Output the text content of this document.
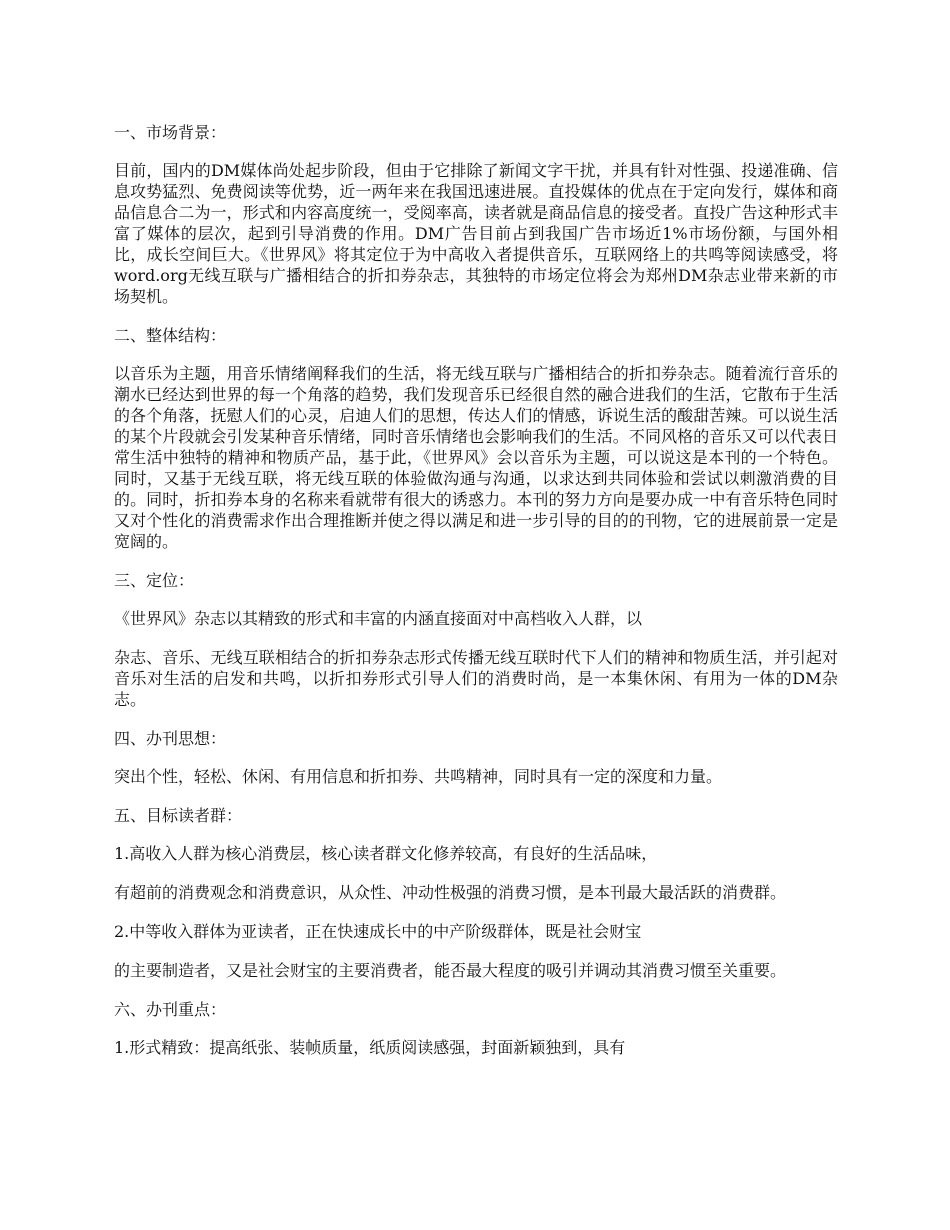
一、市场背景：

目前，国内的DM媒体尚处起步阶段，但由于它排除了新闻文字干扰，并具有针对性强、投递准确、信息攻势猛烈、免费阅读等优势，近一两年来在我国迅速进展。直投媒体的优点在于定向发行，媒体和商品信息合二为一，形式和内容高度统一，受阅率高，读者就是商品信息的接受者。直投广告这种形式丰富了媒体的层次，起到引导消费的作用。DM广告目前占到我国广告市场近1%市场份额，与国外相比，成长空间巨大。《世界风》将其定位于为中高收入者提供音乐，互联网络上的共鸣等阅读感受，将word.org无线互联与广播相结合的折扣券杂志，其独特的市场定位将会为郑州DM杂志业带来新的市场契机。

二、整体结构：

以音乐为主题，用音乐情绪阐释我们的生活，将无线互联与广播相结合的折扣券杂志。随着流行音乐的潮水已经达到世界的每一个角落的趋势，我们发现音乐已经很自然的融合进我们的生活，它散布于生活的各个角落，抚慰人们的心灵，启迪人们的思想，传达人们的情感，诉说生活的酸甜苦辣。可以说生活的某个片段就会引发某种音乐情绪，同时音乐情绪也会影响我们的生活。不同风格的音乐又可以代表日常生活中独特的精神和物质产品，基于此，《世界风》会以音乐为主题，可以说这是本刊的一个特色。同时，又基于无线互联，将无线互联的体验做沟通与沟通，以求达到共同体验和尝试以刺激消费的目的。同时，折扣券本身的名称来看就带有很大的诱惑力。本刊的努力方向是要办成一中有音乐特色同时又对个性化的消费需求作出合理推断并使之得以满足和进一步引导的目的的刊物，它的进展前景一定是宽阔的。

三、定位：

《世界风》杂志以其精致的形式和丰富的内涵直接面对中高档收入人群，以

杂志、音乐、无线互联相结合的折扣券杂志形式传播无线互联时代下人们的精神和物质生活，并引起对音乐对生活的启发和共鸣，以折扣券形式引导人们的消费时尚，是一本集休闲、有用为一体的DM杂志。

四、办刊思想：

突出个性，轻松、休闲、有用信息和折扣券、共鸣精神，同时具有一定的深度和力量。

五、目标读者群：

1.高收入人群为核心消费层，核心读者群文化修养较高，有良好的生活品味，

有超前的消费观念和消费意识，从众性、冲动性极强的消费习惯，是本刊最大最活跃的消费群。

2.中等收入群体为亚读者，正在快速成长中的中产阶级群体，既是社会财宝

的主要制造者，又是社会财宝的主要消费者，能否最大程度的吸引并调动其消费习惯至关重要。

六、办刊重点：

1.形式精致：提高纸张、装帧质量，纸质阅读感强，封面新颖独到，具有
